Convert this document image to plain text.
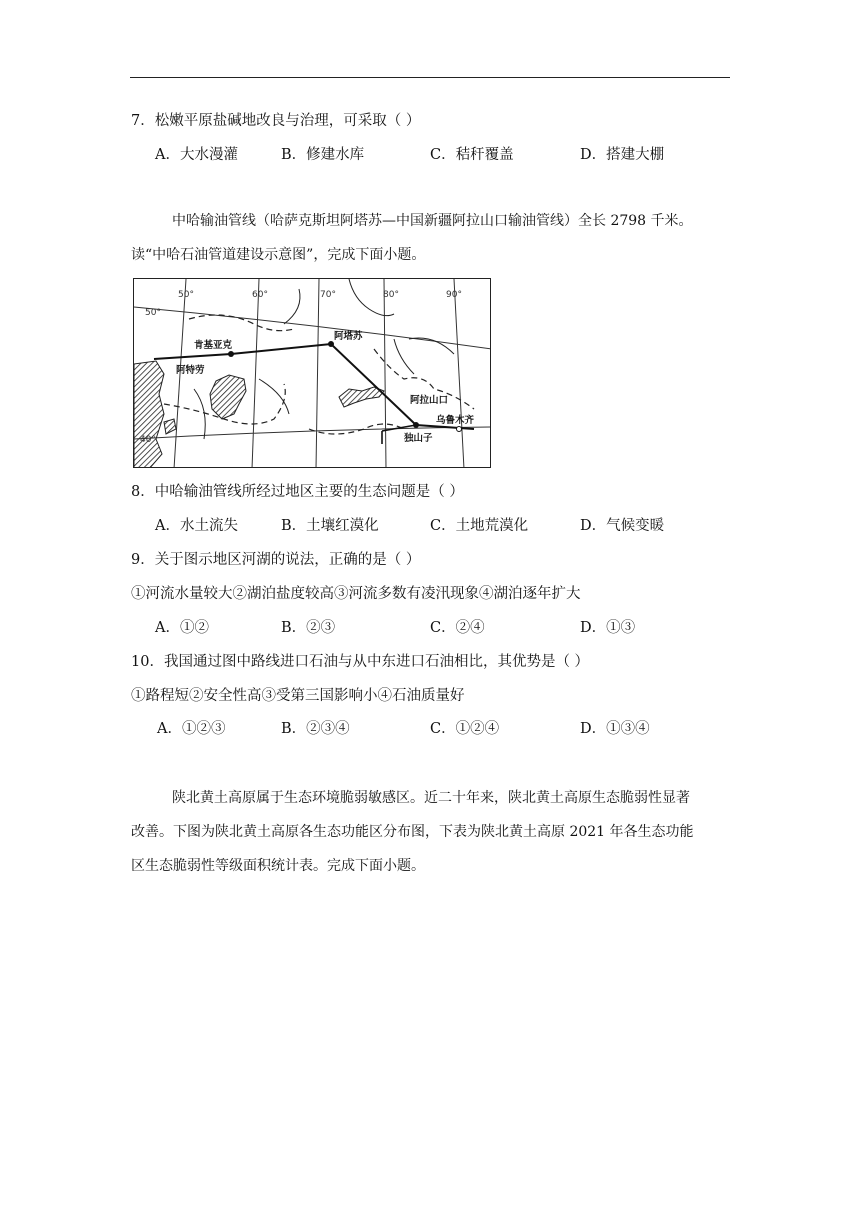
7．松嫩平原盐碱地改良与治理，可采取（ ）
A．大水漫灌	B．修建水库	C．秸秆覆盖	D．搭建大棚
中哈输油管线（哈萨克斯坦阿塔苏—中国新疆阿拉山口输油管线）全长 2798 千米。
读“中哈石油管道建设示意图”，完成下面小题。
50°	60°	70°	80°	90°
50°
40°
肯基亚克
阿特劳
阿塔苏
阿拉山口
乌鲁木齐
独山子
8．中哈输油管线所经过地区主要的生态问题是（ ）
A．水土流失	B．土壤红漠化	C．土地荒漠化	D．气候变暖
9．关于图示地区河湖的说法，正确的是（ ）
①河流水量较大②湖泊盐度较高③河流多数有凌汛现象④湖泊逐年扩大
A．①②	B．②③	C．②④	D．①③
10．我国通过图中路线进口石油与从中东进口石油相比，其优势是（ ）
①路程短②安全性高③受第三国影响小④石油质量好
A．①②③	B．②③④	C．①②④	D．①③④
陕北黄土高原属于生态环境脆弱敏感区。近二十年来，陕北黄土高原生态脆弱性显著
改善。下图为陕北黄土高原各生态功能区分布图，下表为陕北黄土高原 2021 年各生态功能
区生态脆弱性等级面积统计表。完成下面小题。
